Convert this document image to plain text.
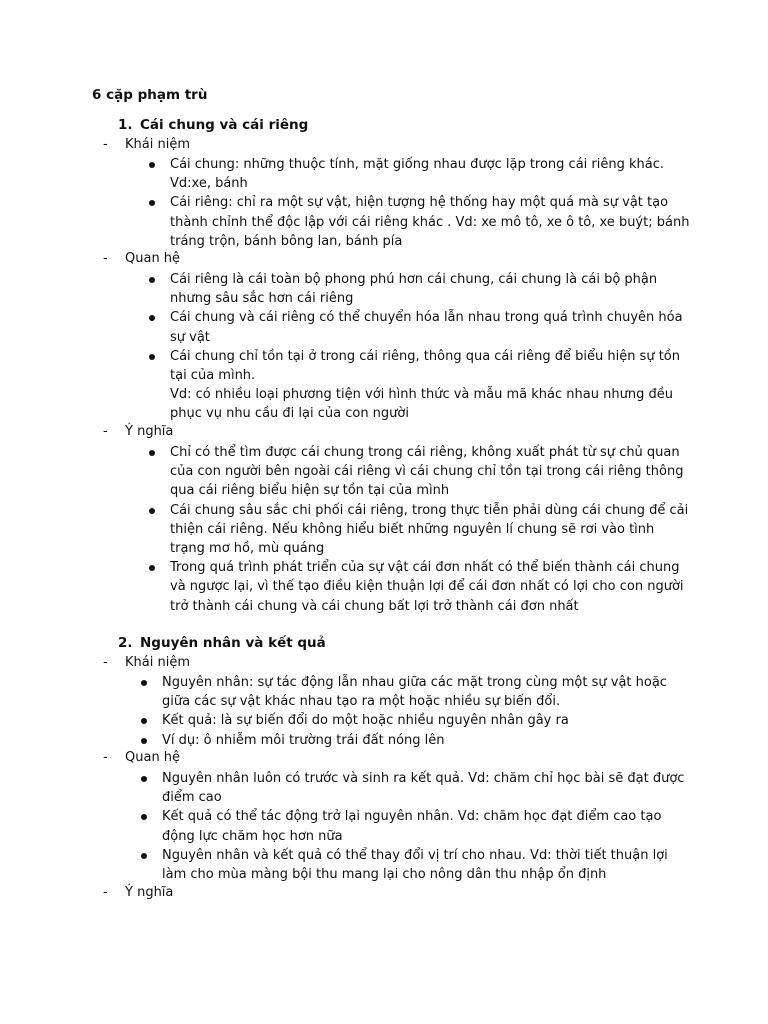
6 cặp phạm trù
1. Cái chung và cái riêng
- Khái niệm
Cái chung: những thuộc tính, mặt giống nhau được lặp trong cái riêng khác. Vd:xe, bánh
Cái riêng: chỉ ra một sự vật, hiện tượng hệ thống hay một quá mà sự vật tạo thành chỉnh thể độc lập với cái riêng khác . Vd: xe mô tô, xe ô tô, xe buýt; bánh tráng trộn, bánh bông lan, bánh pía
- Quan hệ
Cái riêng là cái toàn bộ phong phú hơn cái chung, cái chung là cái bộ phận nhưng sâu sắc hơn cái riêng
Cái chung và cái riêng có thể chuyển hóa lẫn nhau trong quá trình chuyên hóa sự vật
Cái chung chỉ tồn tại ở trong cái riêng, thông qua cái riêng để biểu hiện sự tồn tại của mình.
Vd: có nhiều loại phương tiện với hình thức và mẫu mã khác nhau nhưng đều phục vụ nhu cầu đi lại của con người
- Ý nghĩa
Chỉ có thể tìm được cái chung trong cái riêng, không xuất phát từ sự chủ quan của con người bên ngoài cái riêng vì cái chung chỉ tồn tại trong cái riêng thông qua cái riêng biểu hiện sự tồn tại của mình
Cái chung sâu sắc chi phối cái riêng, trong thực tiễn phải dùng cái chung để cải thiện cái riêng. Nếu không hiểu biết những nguyên lí chung sẽ rơi vào tình trạng mơ hồ, mù quáng
Trong quá trình phát triển của sự vật cái đơn nhất có thể biến thành cái chung và ngược lại, vì thế tạo điều kiện thuận lợi để cái đơn nhất có lợi cho con người trở thành cái chung và cái chung bất lợi trở thành cái đơn nhất
2. Nguyên nhân và kết quả
- Khái niệm
Nguyên nhân: sự tác động lẫn nhau giữa các mặt trong cùng một sự vật hoặc giữa các sự vật khác nhau tạo ra một hoặc nhiều sự biến đổi.
Kết quả: là sự biến đổi do một hoặc nhiều nguyên nhân gây ra
Ví dụ: ô nhiễm môi trường trái đất nóng lên
- Quan hệ
Nguyên nhân luôn có trước và sinh ra kết quả. Vd: chăm chỉ học bài sẽ đạt được điểm cao
Kết quả có thể tác động trở lại nguyên nhân. Vd: chăm học đạt điểm cao tạo động lực chăm học hơn nữa
Nguyên nhân và kết quả có thể thay đổi vị trí cho nhau. Vd: thời tiết thuận lợi làm cho mùa màng bội thu mang lại cho nông dân thu nhập ổn định
- Ý nghĩa
